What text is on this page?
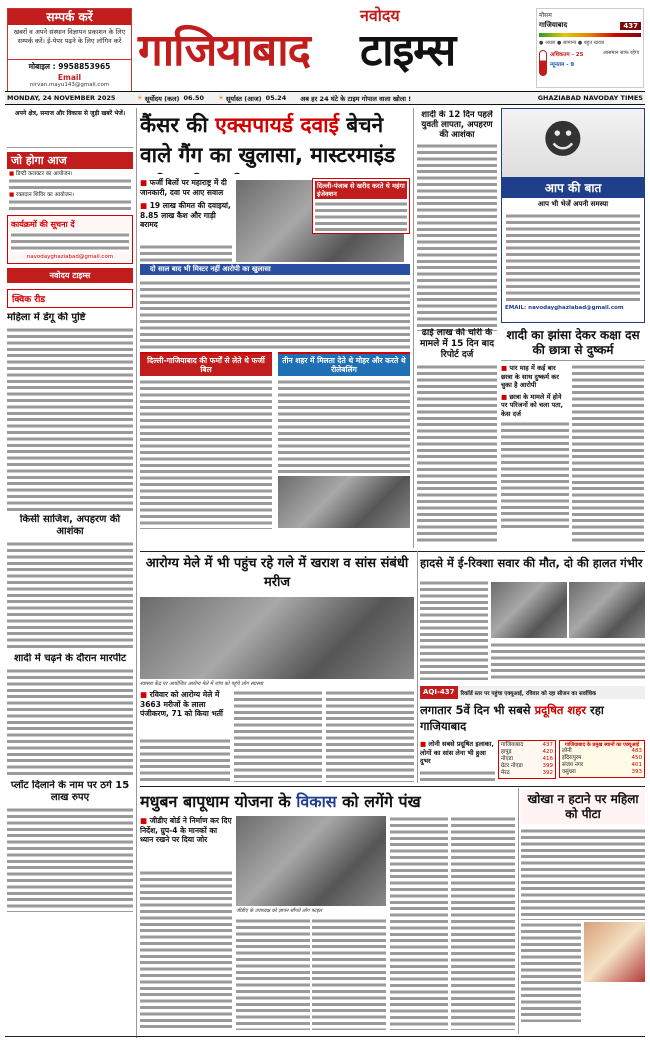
सम्पर्क करें
खबरों व अपने संस्थान विज्ञापन प्रकाशन के लिए सम्पर्क करें। ई-पेपर पढ़ने के लिए लॉगिन करें
मोबाइल : 9958853965
Email
nirvan.mayu143@gmail.com
नवोदय
गाजियाबाद टाइम्स
मौसम
गाजियाबाद	437
● अच्छा ● सामान्य ● बहुत खराब
अधिकतम - 25
न्यूनतम - 9
आसमान साफ रहेगा
MONDAY, 24 NOVEMBER 2025	☀ सूर्योदय (कल) 06.50 ☀ सूर्यास्त (आज) 05.24 अब हर 24 घंटे के टाइम गोपाल वाला खोला !	GHAZIABAD NAVODAY TIMES
अपने क्षेत्र, समाज और विकास से जुड़ी खबरें भेजें।
जो होगा आज
■ डिप्टी कलक्टर का आयोजन।
■ रक्तदान शिविर का आयोजन।
कार्यक्रमों की सूचना दें
navodayghaziabad@gmail.com
नवोदय टाइम्स
क्विक रीड
महिला में डेंगू की पुष्टि
किसी साजिश, अपहरण की आशंका
शादी में चढ़ने के दौरान मारपीट
प्लॉट दिलाने के नाम पर ठगे 15 लाख रुपए
कैंसर की एक्सपायर्ड दवाई बेचने वाले गैंग का खुलासा, मास्टरमाइंड
■ फर्जी बिलों पर महाराष्ट्र में दी जानकारी, दवा पर आए सवाल
■ 19 लाख कीमत की दवाइयां, 8.85 लाख कैश और गाड़ी बरामद
दिल्ली-पंजाब से खरीद करते थे महंगा इंजेक्शन
दो साल बाद भी मिस्टर नहीं आरोपी का खुलासा
दिल्ली-गाजियाबाद की फर्मों से लेते थे फर्जी बिल
तीन शहर में मिलता देते थे मोहर और करते थे रीलेबलिंग
शादी के 12 दिन पहले युवती लापता, अपहरण की आशंका	☻
आप की बात
आप भी भेजें अपनी समस्या
EMAIL: navodayghaziabad@gmail.com
ढाई लाख की चोरी के मामले में 15 दिन बाद रिपोर्ट दर्ज
शादी का झांसा देकर कक्षा दस की छात्रा से दुष्कर्म
■ पार माह में कई बार छात्रा के साथ दुष्कर्म कर चुका है आरोपी
■ छात्रा के मामले में होने पर परिजनों को चला पता, केस दर्ज
आरोग्य मेले में भी पहुंच रहे गले में खराश व सांस संबंधी मरीज
स्वास्थ्य केंद्र पर आयोजित आरोग्य मेले में जांच को पहुंचे लोग स्वास्थ्य
■ रविवार को आरोग्य मेले में 3663 मरीजों के लाला पंजीकरण, 71 को किया भर्ती
हादसे में ई-रिक्शा सवार की मौत, दो की हालत गंभीर
AQI-437	रिकॉर्ड स्तर पर पहुंचा एक्यूआई, रविवार को रहा सीजन का सर्वाधिक
लगातार 5वें दिन भी सबसे प्रदूषित शहर रहा गाजियाबाद
■ लोनी सबसे प्रदूषित इलाका, लोगों का सांस लेना भी हुआ दुभर
गाजियाबाद	437
हापुड़	420
नोएडा	416
ग्रेटर नोएडा	399
मेरठ	392
गाजियाबाद के प्रमुख स्थानों का एक्यूआई
लोनी	483
इंदिरापुरम	450
संजय नगर	401
वसुंधरा	393
मधुबन बापूधाम योजना के विकास को लगेंगे पंख
■ जीडीए बोर्ड ने निर्माण कर दिए निर्देश, ग्रुप-4 के मानकों का ध्यान रखने पर दिया जोर
जीडीए के उपाध्यक्ष को ज्ञापन सौंपते लोग फाइल
खोखा न हटाने पर महिला को पीटा
